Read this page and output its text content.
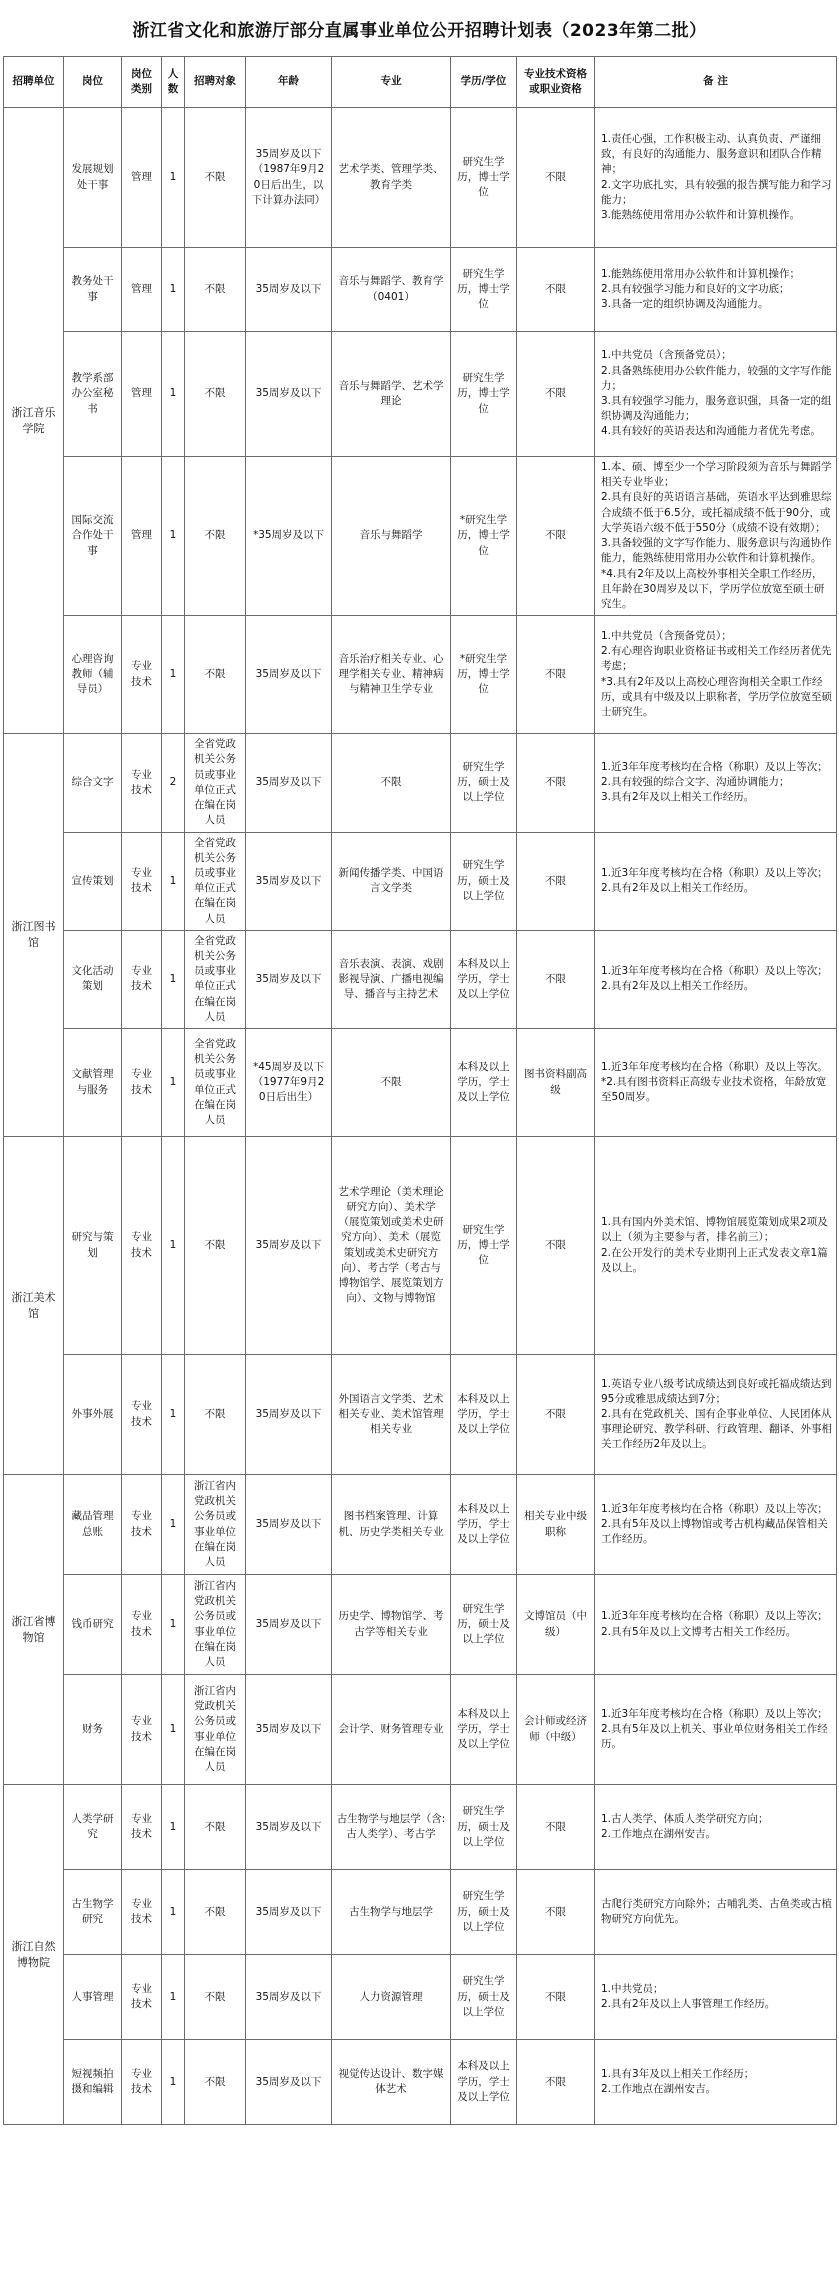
浙江省文化和旅游厅部分直属事业单位公开招聘计划表（2023年第二批）
招聘单位	岗位	岗位类别	人数	招聘对象	年龄	专业	学历/学位	专业技术资格或职业资格	备 注
浙江音乐学院	发展规划处干事	管理	1	不限	35周岁及以下（1987年9月20日后出生，以下计算办法同）	艺术学类、管理学类、教育学类	研究生学历，博士学位	不限	1.责任心强，工作积极主动、认真负责、严谨细致，有良好的沟通能力、服务意识和团队合作精神；
2.文字功底扎实，具有较强的报告撰写能力和学习能力；
3.能熟练使用常用办公软件和计算机操作。

	教务处干事	管理	1	不限	35周岁及以下	音乐与舞蹈学、教育学（0401）	研究生学历，博士学位	不限	1.能熟练使用常用办公软件和计算机操作；
2.具有较强学习能力和良好的文字功底；
3.具备一定的组织协调及沟通能力。

	教学系部办公室秘书	管理	1	不限	35周岁及以下	音乐与舞蹈学、艺术学理论	研究生学历，博士学位	不限	1.中共党员（含预备党员）；
2.具备熟练使用办公软件能力，较强的文字写作能力；
3.具有较强学习能力，服务意识强，具备一定的组织协调及沟通能力；
4.具有较好的英语表达和沟通能力者优先考虑。

	国际交流合作处干事	管理	1	不限	*35周岁及以下	音乐与舞蹈学	*研究生学历，博士学位	不限	1.本、硕、博至少一个学习阶段须为音乐与舞蹈学相关专业毕业；
2.具有良好的英语语言基础，英语水平达到雅思综合成绩不低于6.5分，或托福成绩不低于90分，或大学英语六级不低于550分（成绩不设有效期）；
3.具备较强的文字写作能力、服务意识与沟通协作能力，能熟练使用常用办公软件和计算机操作。
*4.具有2年及以上高校外事相关全职工作经历，且年龄在30周岁及以下，学历学位放宽至硕士研究生。

	心理咨询教师（辅导员）	专业技术	1	不限	35周岁及以下	音乐治疗相关专业、心理学相关专业、精神病与精神卫生学专业	*研究生学历，博士学位	不限	1.中共党员（含预备党员）；
2.有心理咨询职业资格证书或相关工作经历者优先考虑；
*3.具有2年及以上高校心理咨询相关全职工作经历，或具有中级及以上职称者，学历学位放宽至硕士研究生。

浙江图书馆	综合文字	专业技术	2	全省党政机关公务员或事业单位正式在编在岗人员	35周岁及以下	不限	研究生学历，硕士及以上学位	不限	1.近3年年度考核均在合格（称职）及以上等次；
2.具有较强的综合文字、沟通协调能力；
3.具有2年及以上相关工作经历。

	宣传策划	专业技术	1	全省党政机关公务员或事业单位正式在编在岗人员	35周岁及以下	新闻传播学类、中国语言文学类	研究生学历，硕士及以上学位	不限	1.近3年年度考核均在合格（称职）及以上等次；
2.具有2年及以上相关工作经历。

	文化活动策划	专业技术	1	全省党政机关公务员或事业单位正式在编在岗人员	35周岁及以下	音乐表演、表演、戏剧影视导演、广播电视编导、播音与主持艺术	本科及以上学历，学士及以上学位	不限	1.近3年年度考核均在合格（称职）及以上等次；
2.具有2年及以上相关工作经历。

	文献管理与服务	专业技术	1	全省党政机关公务员或事业单位正式在编在岗人员	*45周岁及以下（1977年9月20日后出生）	不限	本科及以上学历，学士及以上学位	图书资料副高级	1.近3年年度考核均在合格（称职）及以上等次。
*2.具有图书资料正高级专业技术资格，年龄放宽至50周岁。

浙江美术馆	研究与策划	专业技术	1	不限	35周岁及以下	艺术学理论（美术理论研究方向）、美术学（展览策划或美术史研究方向）、美术（展览策划或美术史研究方向）、考古学（考古与博物馆学、展览策划方向）、文物与博物馆	研究生学历，博士学位	不限	1.具有国内外美术馆、博物馆展览策划成果2项及以上（须为主要参与者，排名前三）；
2.在公开发行的美术专业期刊上正式发表文章1篇及以上。

	外事外展	专业技术	1	不限	35周岁及以下	外国语言文学类、艺术相关专业、美术馆管理相关专业	本科及以上学历，学士及以上学位	不限	1.英语专业八级考试成绩达到良好或托福成绩达到95分或雅思成绩达到7分；
2.具有在党政机关、国有企事业单位、人民团体从事理论研究、教学科研、行政管理、翻译、外事相关工作经历2年及以上。

浙江省博物馆	藏品管理总账	专业技术	1	浙江省内党政机关公务员或事业单位在编在岗人员	35周岁及以下	图书档案管理、计算机、历史学类相关专业	本科及以上学历，学士及以上学位	相关专业中级职称	1.近3年年度考核均在合格（称职）及以上等次；
2.具有5年及以上博物馆或考古机构藏品保管相关工作经历。

	钱币研究	专业技术	1	浙江省内党政机关公务员或事业单位在编在岗人员	35周岁及以下	历史学、博物馆学、考古学等相关专业	研究生学历，硕士及以上学位	文博馆员（中级）	1.近3年年度考核均在合格（称职）及以上等次；
2.具有5年及以上文博考古相关工作经历。

	财务	专业技术	1	浙江省内党政机关公务员或事业单位在编在岗人员	35周岁及以下	会计学、财务管理专业	本科及以上学历，学士及以上学位	会计师或经济师（中级）	1.近3年年度考核均在合格（称职）及以上等次；
2.具有5年及以上机关、事业单位财务相关工作经历。

浙江自然博物院	人类学研究	专业技术	1	不限	35周岁及以下	古生物学与地层学（含:古人类学）、考古学	研究生学历，硕士及以上学位	不限	1.古人类学、体质人类学研究方向；
2.工作地点在湖州安吉。

	古生物学研究	专业技术	1	不限	35周岁及以下	古生物学与地层学	研究生学历，硕士及以上学位	不限	古爬行类研究方向除外；古哺乳类、古鱼类或古植物研究方向优先。

	人事管理	专业技术	1	不限	35周岁及以下	人力资源管理	研究生学历，硕士及以上学位	不限	1.中共党员；
2.具有2年及以上人事管理工作经历。

	短视频拍摄和编辑	专业技术	1	不限	35周岁及以下	视觉传达设计、数字媒体艺术	本科及以上学历，学士及以上学位	不限	1.具有3年及以上相关工作经历；
2.工作地点在湖州安吉。
